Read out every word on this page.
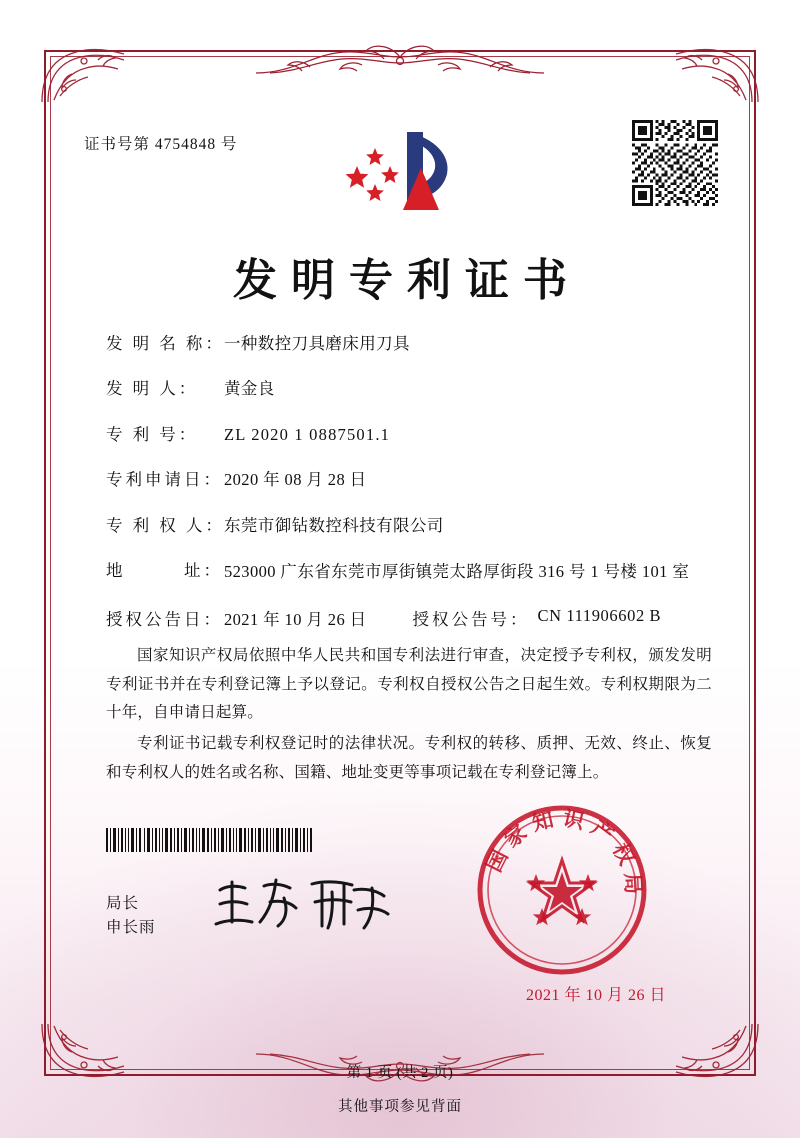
证书号第 4754848 号
发明专利证书
发 明 名 称： 一种数控刀具磨床用刀具
发 明 人：	黄金良
专 利 号：	ZL 2020 1 0887501.1
专利申请日： 2020 年 08 月 28 日
专 利 权 人： 东莞市御钻数控科技有限公司
地　　　址： 523000 广东省东莞市厚街镇莞太路厚街段 316 号 1 号楼 101 室
授权公告日： 2021 年 10 月 26 日	授权公告号： CN 111906602 B

国家知识产权局依照中华人民共和国专利法进行审查，决定授予专利权，颁发发明专利证书并在专利登记簿上予以登记。专利权自授权公告之日起生效。专利权期限为二十年，自申请日起算。

专利证书记载专利权登记时的法律状况。专利权的转移、质押、无效、终止、恢复和专利权人的姓名或名称、国籍、地址变更等事项记载在专利登记簿上。

局长
申长雨
国家知识产权局
2021 年 10 月 26 日
第 1 页 (共 2 页)
其他事项参见背面
